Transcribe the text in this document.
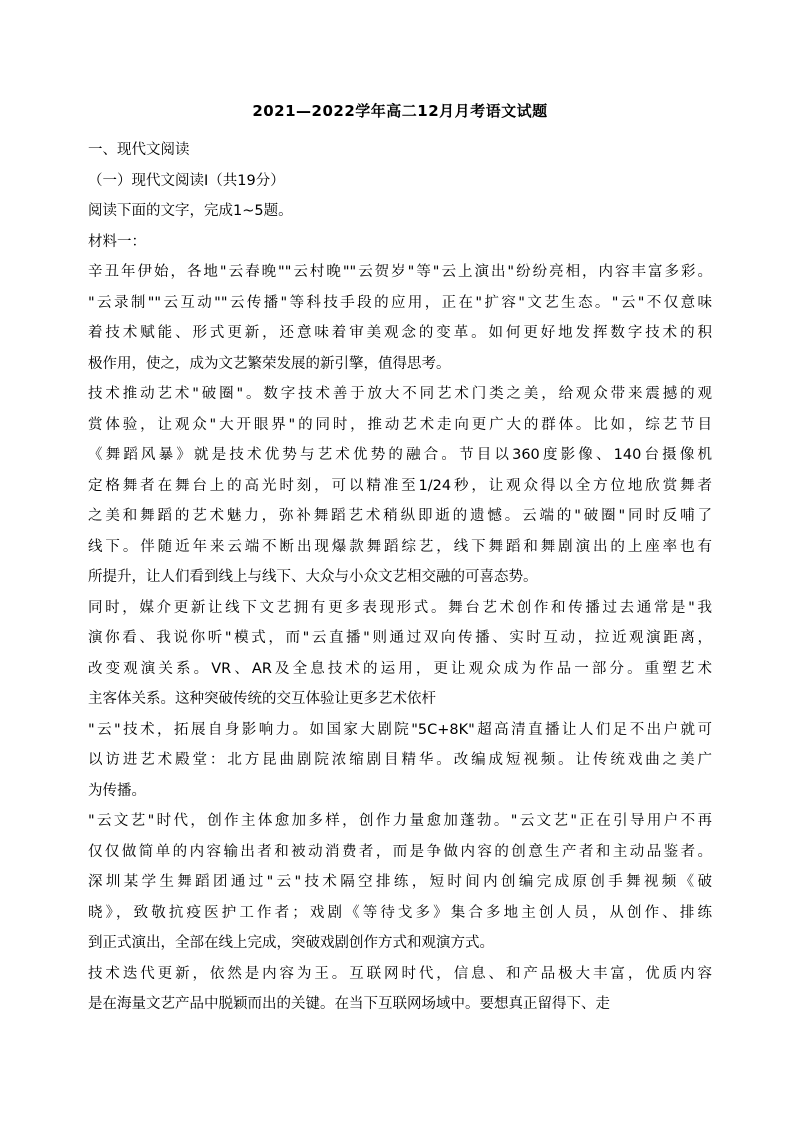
2021—2022学年高二12月月考语文试题
一、现代文阅读
（一）现代文阅读Ⅰ（共19分）
阅读下面的文字，完成1~5题。
材料一：
辛丑年伊始，各地"云春晚""云村晚""云贺岁"等"云上演出"纷纷亮相，内容丰富多彩。
"云录制""云互动""云传播"等科技手段的应用，正在"扩容"文艺生态。"云"不仅意味
着技术赋能、形式更新，还意味着审美观念的变革。如何更好地发挥数字技术的积
极作用，使之，成为文艺繁荣发展的新引擎，值得思考。
技术推动艺术"破圈"。数字技术善于放大不同艺术门类之美，给观众带来震撼的观
赏体验，让观众"大开眼界"的同时，推动艺术走向更广大的群体。比如，综艺节目
《舞蹈风暴》就是技术优势与艺术优势的融合。节目以360度影像、140台摄像机
定格舞者在舞台上的高光时刻，可以精准至1/24秒，让观众得以全方位地欣赏舞者
之美和舞蹈的艺术魅力，弥补舞蹈艺术稍纵即逝的遗憾。云端的"破圈"同时反哺了
线下。伴随近年来云端不断出现爆款舞蹈综艺，线下舞蹈和舞剧演出的上座率也有
所提升，让人们看到线上与线下、大众与小众文艺相交融的可喜态势。
同时，媒介更新让线下文艺拥有更多表现形式。舞台艺术创作和传播过去通常是"我
演你看、我说你听"模式，而"云直播"则通过双向传播、实时互动，拉近观演距离，
改变观演关系。VR、AR及全息技术的运用，更让观众成为作品一部分。重塑艺术
主客体关系。这种突破传统的交互体验让更多艺术依杆
"云"技术，拓展自身影响力。如国家大剧院"5C+8K"超高清直播让人们足不出户就可
以访进艺术殿堂：北方昆曲剧院浓缩剧目精华。改编成短视频。让传统戏曲之美广
为传播。
"云文艺"时代，创作主体愈加多样，创作力量愈加蓬勃。"云文艺"正在引导用户不再
仅仅做简单的内容输出者和被动消费者，而是争做内容的创意生产者和主动品鉴者。
深圳某学生舞蹈团通过"云"技术隔空排练，短时间内创编完成原创手舞视频《破
晓》，致敬抗疫医护工作者；戏剧《等待戈多》集合多地主创人员，从创作、排练
到正式演出，全部在线上完成，突破戏剧创作方式和观演方式。
技术迭代更新，依然是内容为王。互联网时代，信息、和产品极大丰富，优质内容
是在海量文艺产品中脱颖而出的关键。在当下互联网场域中。要想真正留得下、走
